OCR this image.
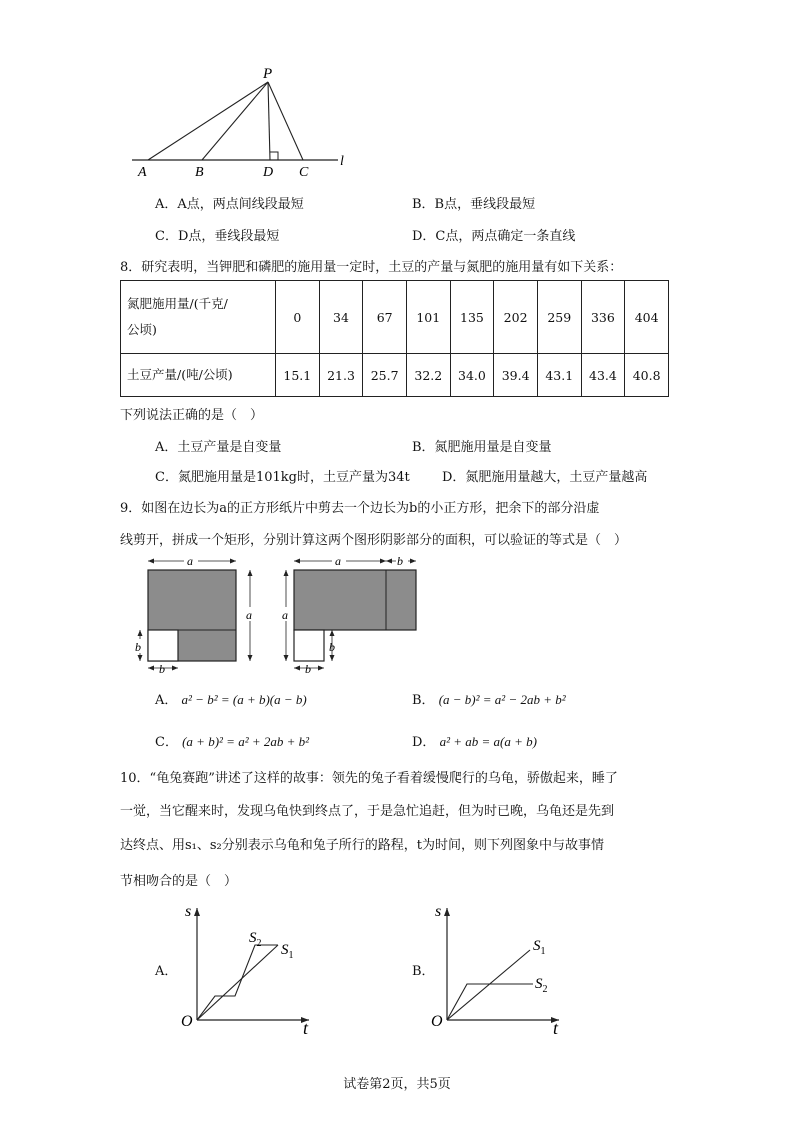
P
A	B	D C
l
A．A点，两点间线段最短	B．B点，垂线段最短
C．D点，垂线段最短	D．C点，两点确定一条直线
8．研究表明，当钾肥和磷肥的施用量一定时，土豆的产量与氮肥的施用量有如下关系：
氮肥施用量/(千克/
公顷)	0	34	67	101	135	202	259	336	404
土豆产量/(吨/公顷)	15.1	21.3	25.7	32.2	34.0	39.4	43.1	43.4	40.8
下列说法正确的是（　）
A．土豆产量是自变量	B．氮肥施用量是自变量
C．氮肥施用量是101kg时，土豆产量为34t D．氮肥施用量越大，土豆产量越高
9．如图在边长为a的正方形纸片中剪去一个边长为b的小正方形，把余下的部分沿虚
线剪开，拼成一个矩形，分别计算这两个图形阴影部分的面积，可以验证的等式是（　）
a
a
b
b
a	b
a
b
b
A． a² − b² = (a + b)(a − b)	B． (a − b)² = a² − 2ab + b²
C． (a + b)² = a² + 2ab + b²	D． a² + ab = a(a + b)
10．“龟兔赛跑”讲述了这样的故事：领先的兔子看着缓慢爬行的乌龟，骄傲起来，睡了
一觉，当它醒来时，发现乌龟快到终点了，于是急忙追赶，但为时已晚，乌龟还是先到
达终点、用s₁、s₂分别表示乌龟和兔子所行的路程，t为时间，则下列图象中与故事情
节相吻合的是（　）
A．
s
t
O
$S_2$ $S_1$
B．
s
t
O
$S_1$
$S_2$
试卷第2页，共5页
